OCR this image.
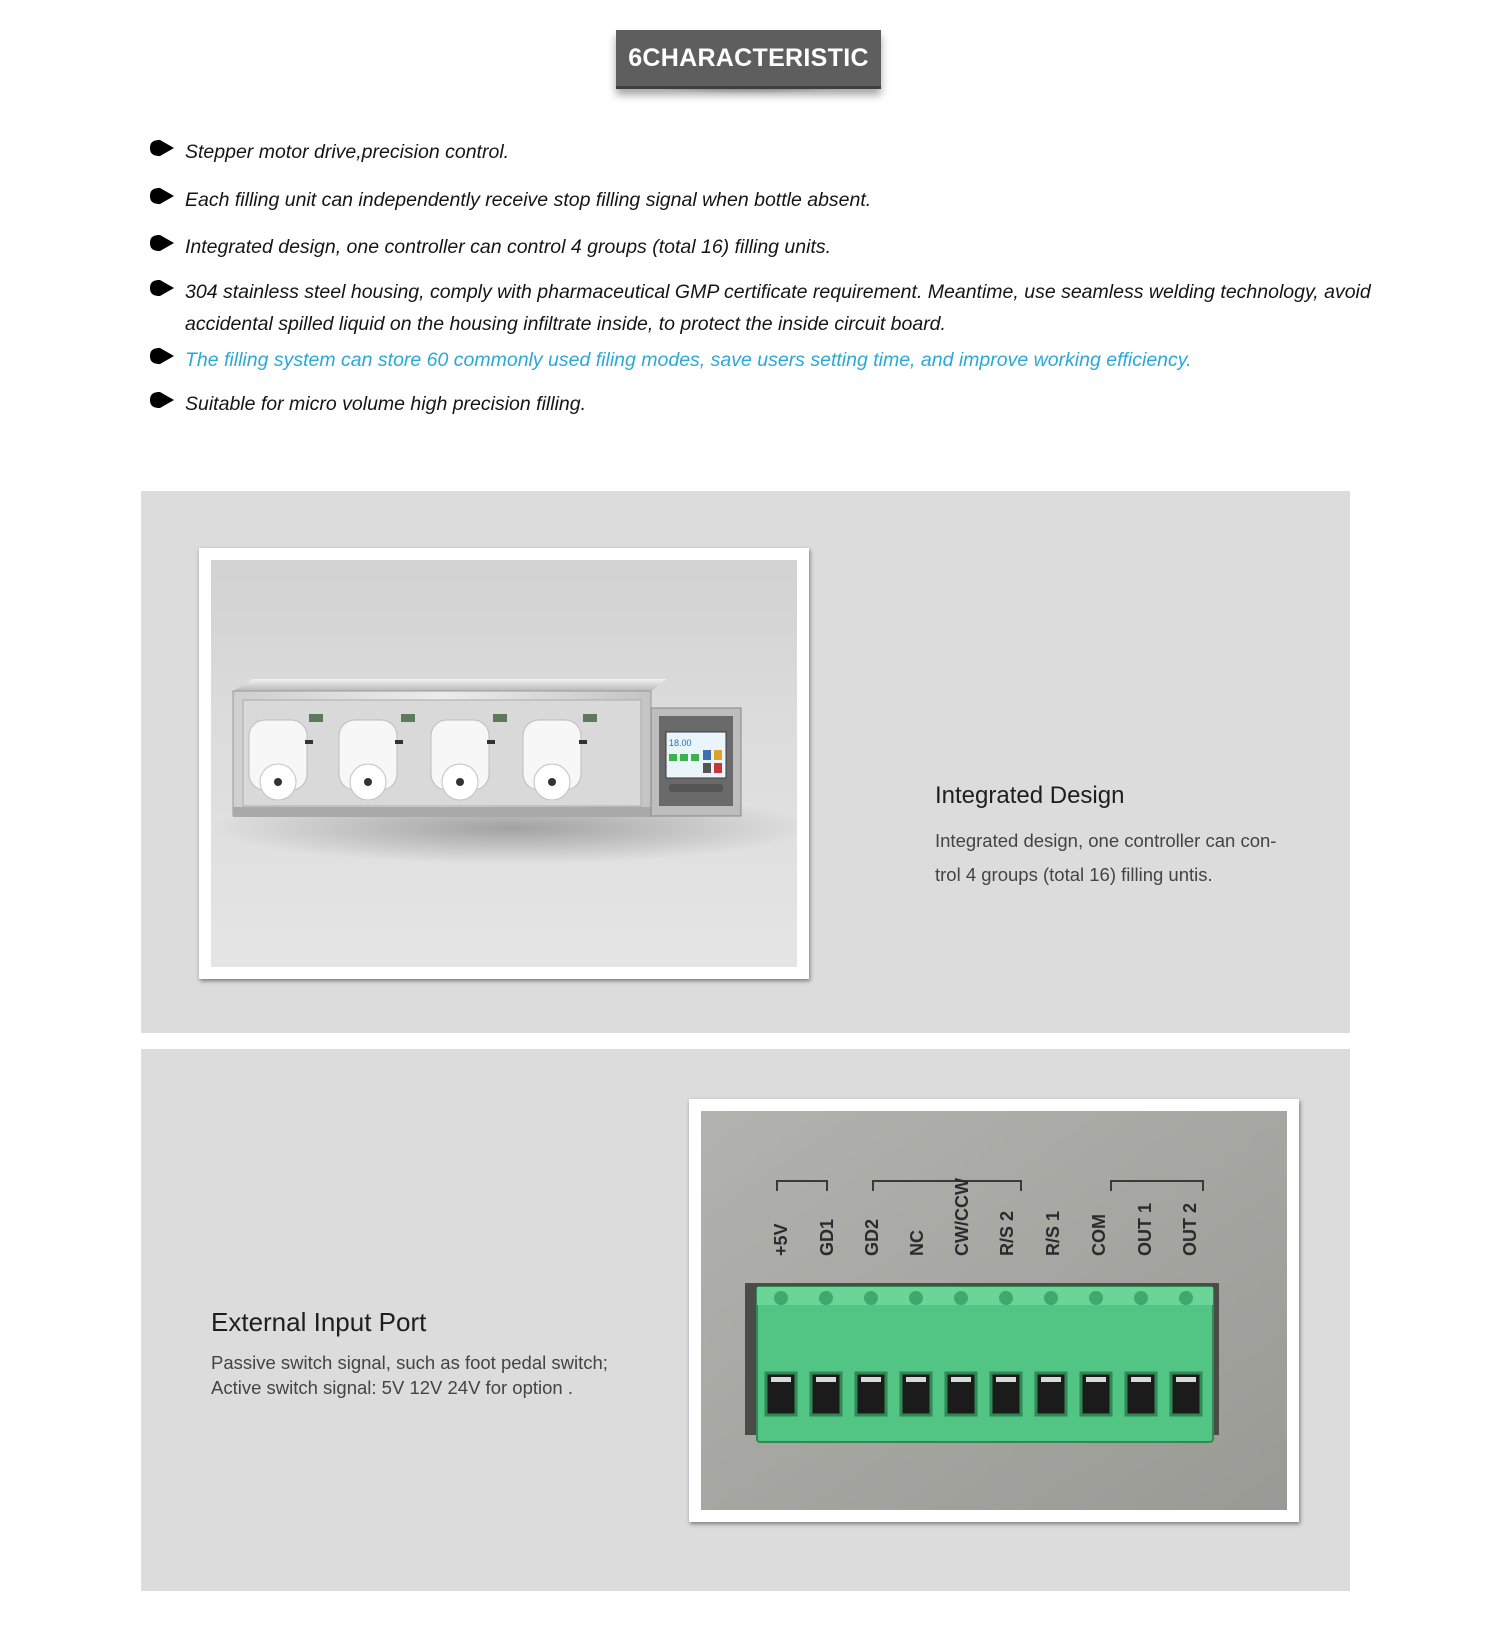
6CHARACTERISTIC
Stepper motor drive,precision control.
Each filling unit can independently receive stop filling signal when bottle absent.
Integrated design, one controller can control 4 groups (total 16) filling units.
304 stainless steel housing, comply with pharmaceutical GMP certificate requirement. Meantime, use seamless welding technology, avoid accidental spilled liquid on the housing infiltrate inside, to protect the inside circuit board.
The filling system can store 60 commonly used filing modes, save users setting time, and improve working efficiency.
Suitable for micro volume high precision filling.
18.00
Integrated Design
Integrated design, one controller can con-
trol 4 groups (total 16) filling untis.
External Input Port
Passive switch signal, such as foot pedal switch;
Active switch signal: 5V 12V 24V for option .
+5V GD1 GD2 NC CW/CCW R/S 2 R/S 1 COM OUT 1 OUT 2
